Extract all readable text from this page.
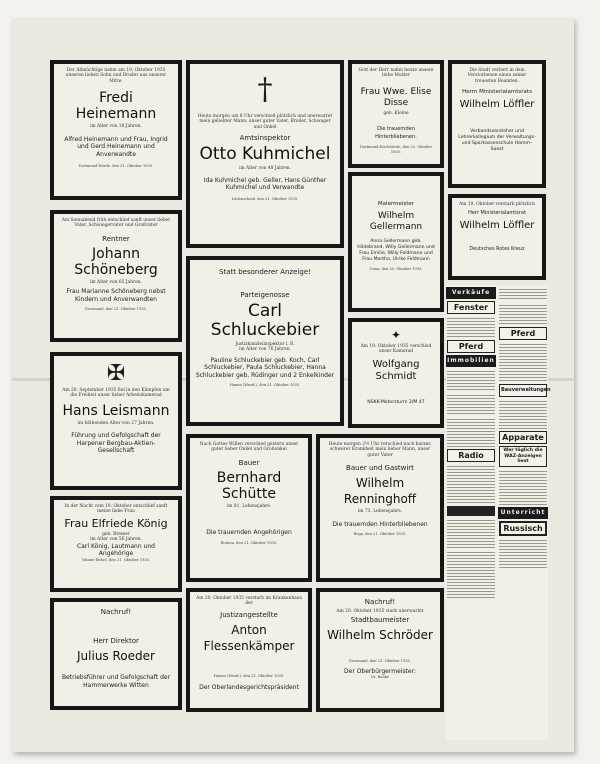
Der Allmächtige nahm am 19. Oktober 1935 unseren lieben Sohn und Bruder aus unserer Mitte.
Fredi Heinemann
im Alter von 18 Jahren.
Alfred Heinemann und Frau, Ingrid und Gerd Heinemann und Anverwandte
Dortmund-Hörde, den 21. Oktober 1935.
Am Sonnabend früh entschlief sanft unser lieber Vater, Schwiegervater und Großvater
Rentner
Johann Schöneberg
im Alter von 65 Jahren.
Frau Marianne Schöneberg nebst Kindern und Anverwandten
Dortmund, den 21. Oktober 1935.
✠
Am 20. September 1935 fiel in den Kämpfen um die Freiheit unser lieber Arbeitskamerad
Hans Leismann
im blühenden Alter von 27 Jahren.
Führung und Gefolgschaft der Harpener Bergbau-Aktien-Gesellschaft
In der Nacht vom 19. Oktober entschlief sanft meine liebe Frau
Frau Elfriede König
geb. Bremer
im Alter von 56 Jahren.
Carl König, Lautmann und Angehörige
Wanne-Eickel, den 21. Oktober 1935.
Nachruf!
Herr Direktor
Julius Roeder
Betriebsführer und Gefolgschaft der Hammerwerke Witten
†
Heute morgen um 8 Uhr verschied plötzlich und unerwartet mein geliebter Mann, unser guter Vater, Bruder, Schwager und Onkel
Amtsinspektor
Otto Kuhmichel
im Alter von 48 Jahren.
Ida Kuhmichel geb. Geller, Hans Günther Kuhmichel und Verwandte
Lüdenscheid, den 21. Oktober 1935.
Statt besonderer Anzeige!
Parteigenosse
Carl Schluckebier
Justizkanzleiinspektor i. R.
im Alter von 76 Jahren.
Pauline Schluckebier geb. Koch, Carl Schluckebier, Paula Schluckebier, Hanna Schluckebier geb. Rüdinger und 2 Enkelkinder
Hamm (Westf.), den 21. Oktober 1935.
Nach Gottes Willen verschied gestern unser guter lieber Onkel und Großonkel
Bauer
Bernhard Schütte
im 81. Lebensjahre.
Die trauernden Angehörigen
Borken, den 21. Oktober 1935.
Am 20. Oktober 1935 verstarb im Krankenhaus der
Justizangestellte
Anton Flessenkämper
Hamm (Westf.), den 21. Oktober 1935.
Der Oberlandesgerichtspräsident
Gott der Herr nahm heute unsere liebe Mutter
Frau Wwe. Elise Disse
geb. Kleine
Die trauernden Hinterbliebenen.
Dortmund-Kirchhörde, den 20. Oktober 1935.
Malermeister
Wilhelm Gellermann
Anna Gellermann geb. Hildebrand, Willy Gellermann und Frau Emilie, Willy Feldmann und Frau Martha, Ulrike Feldmann
Unna, den 20. Oktober 1935.
✦
Am 19. Oktober 1935 verschied unser Kamerad
Wolfgang Schmidt
NSKK-Motorsturm 2/M 47
Heute morgen 2½ Uhr verschied nach kurzer, schwerer Krankheit mein lieber Mann, unser guter Vater
Bauer und Gastwirt
Wilhelm Renninghoff
im 73. Lebensjahre.
Die trauernden Hinterbliebenen
Bega, den 21. Oktober 1935.
Nachruf!
Am 20. Oktober 1935 starb unerwartet
Stadtbaumeister
Wilhelm Schröder
Dortmund, den 21. Oktober 1935.
Der Oberbürgermeister:
Dr. Banke
Die Stadt verliert in dem Verstorbenen einen seiner treuesten Beamten.
Herrn Ministerialamtsrats
Wilhelm Löffler
Verbandsvorsteher und Lehrerkollegium der Verwaltungs- und Sparkassenschule Hamm–Soest
Am 19. Oktober verstarb plötzlich
Herr Ministerialamtsrat
Wilhelm Löffler
Deutsches Rotes Kreuz
Verkäufe
Fenster
Pferd
Immobilien
Radio
Pferd
Bauverwaltungen
Apparate
Wer täglich die WAZ-Anzeigen liest
Unterricht
Russisch
